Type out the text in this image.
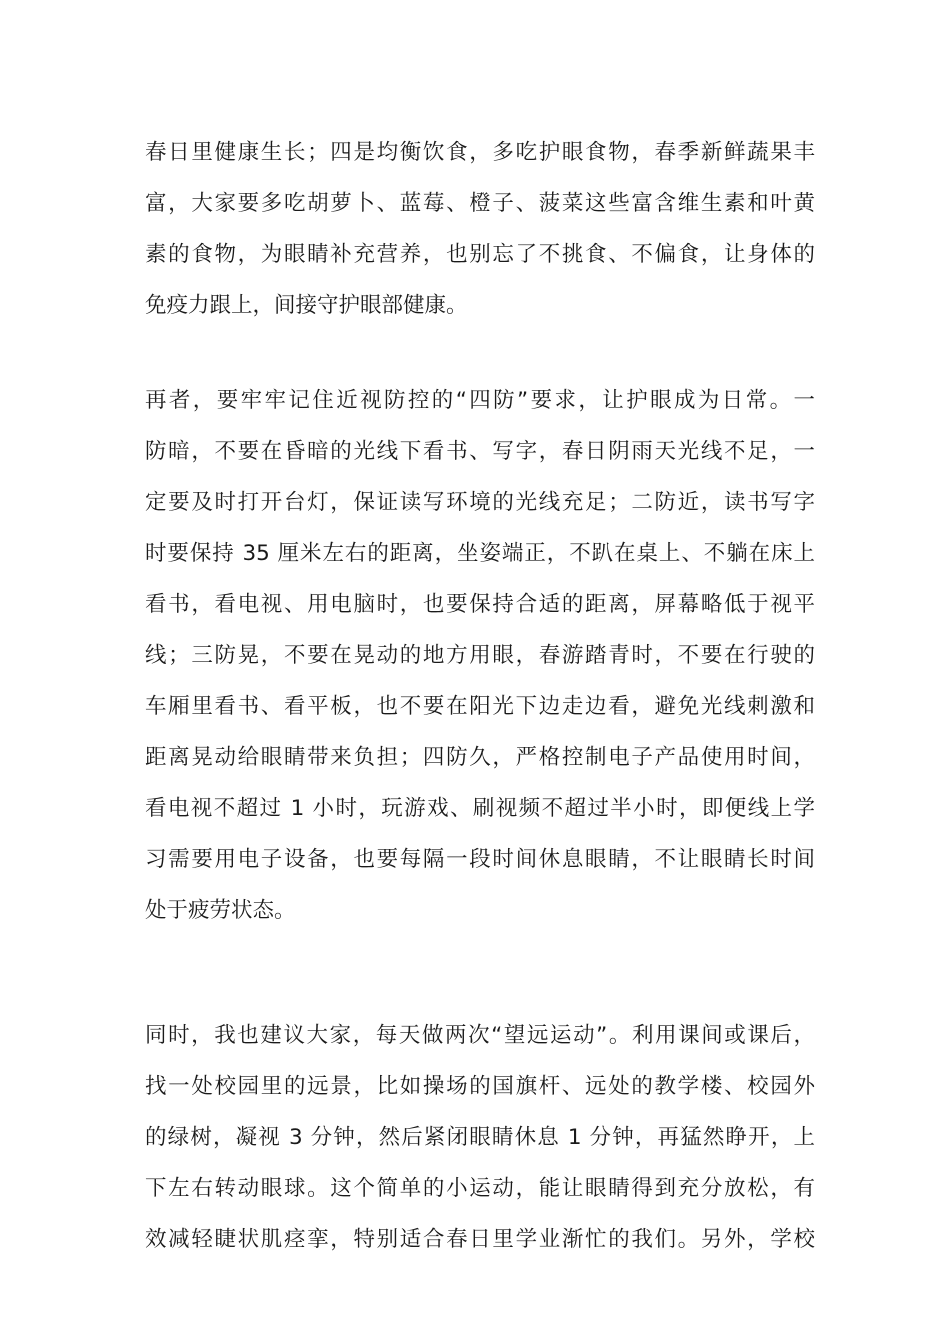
春日里健康生长；四是均衡饮食，多吃护眼食物，春季新鲜蔬果丰
富，大家要多吃胡萝卜、蓝莓、橙子、菠菜这些富含维生素和叶黄
素的食物，为眼睛补充营养，也别忘了不挑食、不偏食，让身体的
免疫力跟上，间接守护眼部健康。
再者，要牢牢记住近视防控的“四防”要求，让护眼成为日常。一
防暗，不要在昏暗的光线下看书、写字，春日阴雨天光线不足，一
定要及时打开台灯，保证读写环境的光线充足；二防近，读书写字
时要保持 35 厘米左右的距离，坐姿端正，不趴在桌上、不躺在床上
看书，看电视、用电脑时，也要保持合适的距离，屏幕略低于视平
线；三防晃，不要在晃动的地方用眼，春游踏青时，不要在行驶的
车厢里看书、看平板，也不要在阳光下边走边看，避免光线刺激和
距离晃动给眼睛带来负担；四防久，严格控制电子产品使用时间，
看电视不超过 1 小时，玩游戏、刷视频不超过半小时，即便线上学
习需要用电子设备，也要每隔一段时间休息眼睛，不让眼睛长时间
处于疲劳状态。
同时，我也建议大家，每天做两次“望远运动”。利用课间或课后，
找一处校园里的远景，比如操场的国旗杆、远处的教学楼、校园外
的绿树，凝视 3 分钟，然后紧闭眼睛休息 1 分钟，再猛然睁开，上
下左右转动眼球。这个简单的小运动，能让眼睛得到充分放松，有
效减轻睫状肌痉挛，特别适合春日里学业渐忙的我们。另外，学校
